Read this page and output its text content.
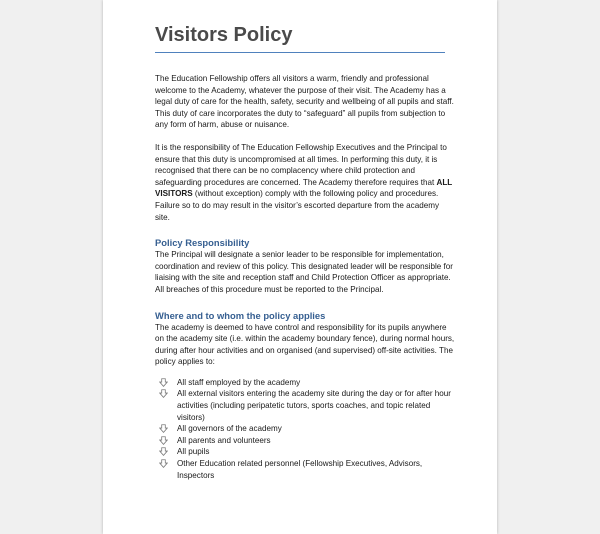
Visitors Policy

The Education Fellowship offers all visitors a warm, friendly and professional welcome to the Academy, whatever the purpose of their visit. The Academy has a legal duty of care for the health, safety, security and wellbeing of all pupils and staff. This duty of care incorporates the duty to “safeguard” all pupils from subjection to any form of harm, abuse or nuisance.

It is the responsibility of The Education Fellowship Executives and the Principal to ensure that this duty is uncompromised at all times. In performing this duty, it is recognised that there can be no complacency where child protection and safeguarding procedures are concerned. The Academy therefore requires that ALL VISITORS (without exception) comply with the following policy and procedures. Failure so to do may result in the visitor’s escorted departure from the academy site.

Policy Responsibility

The Principal will designate a senior leader to be responsible for implementation, coordination and review of this policy. This designated leader will be responsible for liaising with the site and reception staff and Child Protection Officer as appropriate. All breaches of this procedure must be reported to the Principal.

Where and to whom the policy applies

The academy is deemed to have control and responsibility for its pupils anywhere on the academy site (i.e. within the academy boundary fence), during normal hours, during after hour activities and on organised (and supervised) off-site activities. The policy applies to:

All staff employed by the academy
All external visitors entering the academy site during the day or for after hour activities (including peripatetic tutors, sports coaches, and topic related visitors)
All governors of the academy
All parents and volunteers
All pupils
Other Education related personnel (Fellowship Executives, Advisors, Inspectors
